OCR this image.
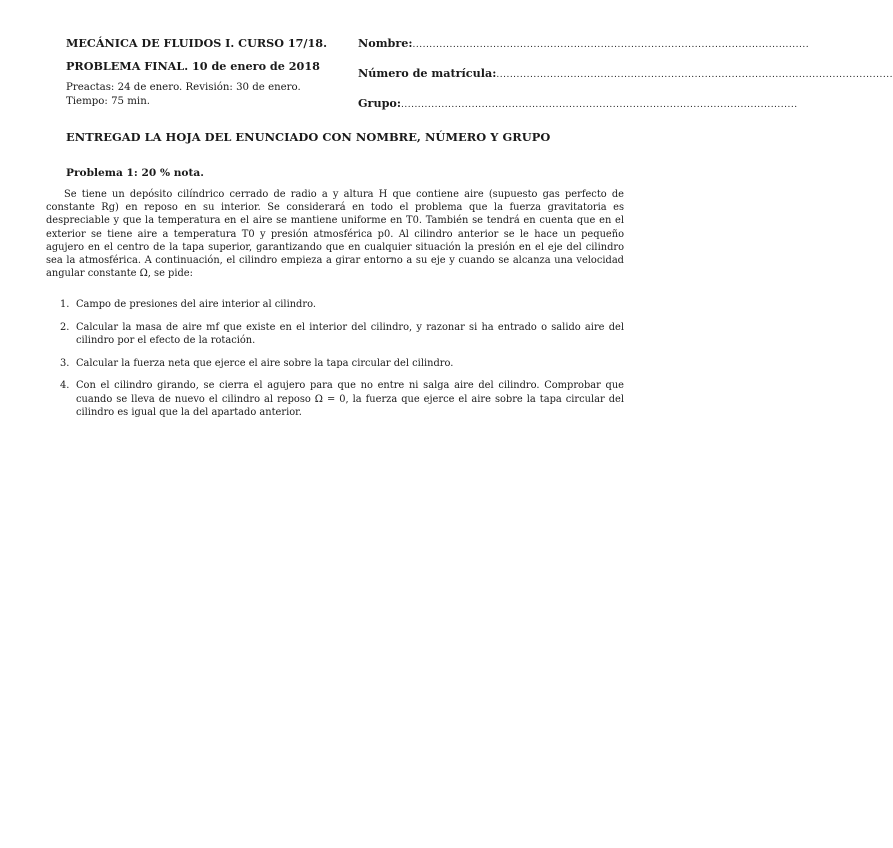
MECÁNICA DE FLUIDOS I. CURSO 17/18.
PROBLEMA FINAL. 10 de enero de 2018
Preactas: 24 de enero. Revisión: 30 de enero.
Tiempo: 75 min.
Nombre: ......................................................................................................................
Número de matrícula: ......................................................................................................................
Grupo: ......................................................................................................................
ENTREGAD LA HOJA DEL ENUNCIADO CON NOMBRE, NÚMERO Y GRUPO
Problema 1: 20 % nota.

Se tiene un depósito cilíndrico cerrado de radio a y altura H que contiene aire (supuesto gas perfecto de constante Rg) en reposo en su interior. Se considerará en todo el problema que la fuerza gravitatoria es despreciable y que la temperatura en el aire se mantiene uniforme en T0. También se tendrá en cuenta que en el exterior se tiene aire a temperatura T0 y presión atmosférica p0. Al cilindro anterior se le hace un pequeño agujero en el centro de la tapa superior, garantizando que en cualquier situación la presión en el eje del cilindro sea la atmosférica. A continuación, el cilindro empieza a girar entorno a su eje y cuando se alcanza una velocidad angular constante Ω, se pide:

1. Campo de presiones del aire interior al cilindro.
2. Calcular la masa de aire mf que existe en el interior del cilindro, y razonar si ha entrado o salido aire del cilindro por el efecto de la rotación.
3. Calcular la fuerza neta que ejerce el aire sobre la tapa circular del cilindro.
4. Con el cilindro girando, se cierra el agujero para que no entre ni salga aire del cilindro. Comprobar que cuando se lleva de nuevo el cilindro al reposo Ω = 0, la fuerza que ejerce el aire sobre la tapa circular del cilindro es igual que la del apartado anterior.
